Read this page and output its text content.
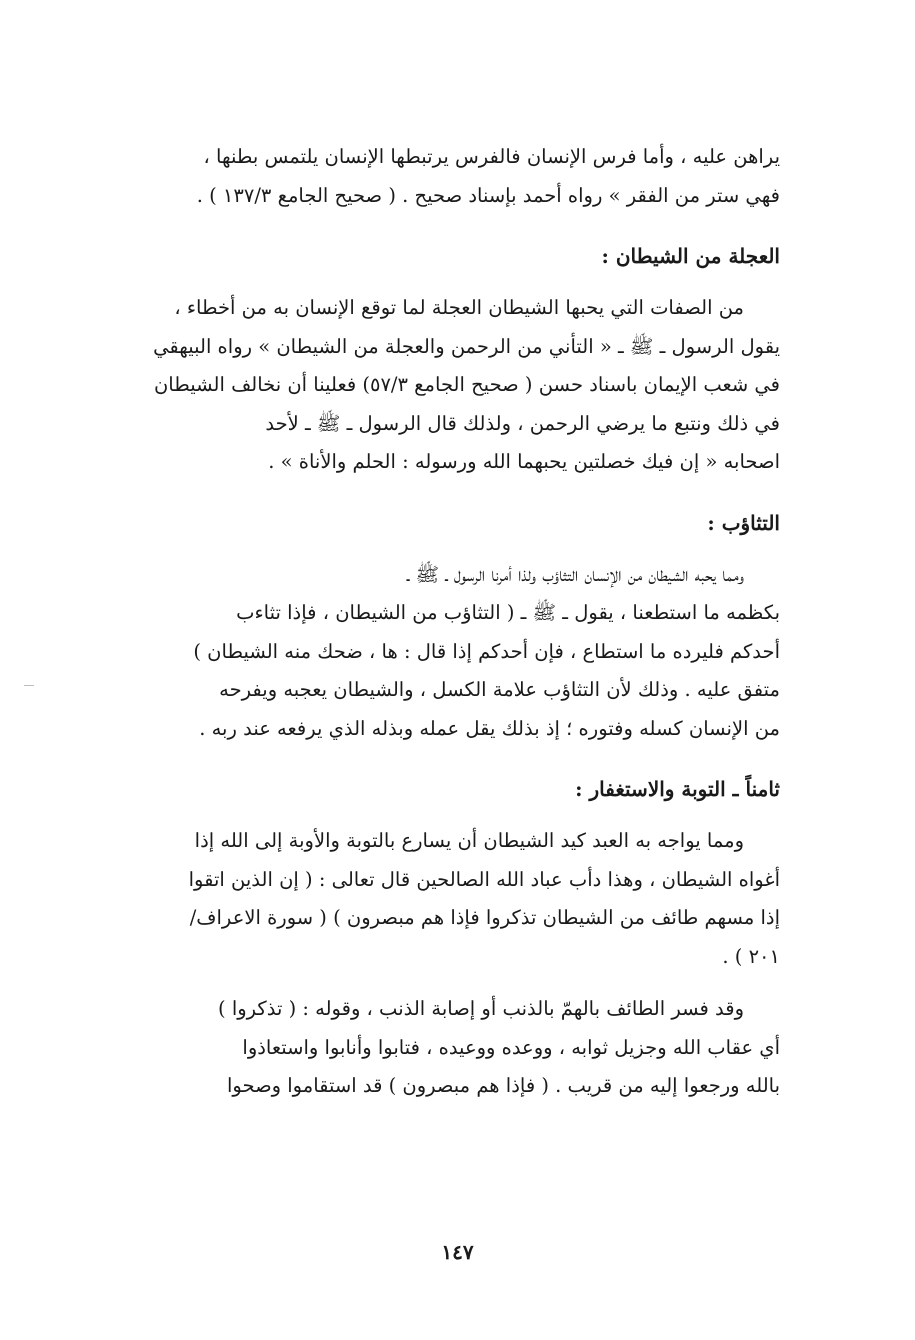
يراهن عليه ، وأما فرس الإنسان فالفرس يرتبطها الإنسان يلتمس بطنها ،

فهي ستر من الفقر » رواه أحمد بإسناد صحيح . ( صحيح الجامع ١٣٧/٣ ) .

العجلة من الشيطان :

من الصفات التي يحبها الشيطان العجلة لما توقع الإنسان به من أخطاء ،

يقول الرسول ـ ﷺ ـ « التأني من الرحمن والعجلة من الشيطان » رواه البيهقي

في شعب الإيمان باسناد حسن ( صحيح الجامع ٥٧/٣) فعلينا أن نخالف الشيطان

في ذلك ونتبع ما يرضي الرحمن ، ولذلك قال الرسول ـ ﷺ ـ لأحد

اصحابه « إن فيك خصلتين يحبهما الله ورسوله : الحلم والأناة » .

التثاؤب :

ومما يحبه الشيطان من الإنسان التثاؤب ولذا أمرنا الرسول ـ ﷺ ـ

بكظمه ما استطعنا ، يقول ـ ﷺ ـ ( التثاؤب من الشيطان ، فإذا تثاءب

أحدكم فليرده ما استطاع ، فإن أحدكم إذا قال : ها ، ضحك منه الشيطان )

متفق عليه . وذلك لأن التثاؤب علامة الكسل ، والشيطان يعجبه ويفرحه

من الإنسان كسله وفتوره ؛ إذ بذلك يقل عمله وبذله الذي يرفعه عند ربه .

ثامناً ـ التوبة والاستغفار :

ومما يواجه به العبد كيد الشيطان أن يسارع بالتوبة والأوبة إلى الله إذا

أغواه الشيطان ، وهذا دأب عباد الله الصالحين قال تعالى : ( إن الذين اتقوا

إذا مسهم طائف من الشيطان تذكروا فإذا هم مبصرون ) ( سورة الاعراف/

٢٠١ ) .

وقد فسر الطائف بالهمّ بالذنب أو إصابة الذنب ، وقوله : ( تذكروا )

أي عقاب الله وجزيل ثوابه ، ووعده ووعيده ، فتابوا وأنابوا واستعاذوا

بالله ورجعوا إليه من قريب . ( فإذا هم مبصرون ) قد استقاموا وصحوا

١٤٧
